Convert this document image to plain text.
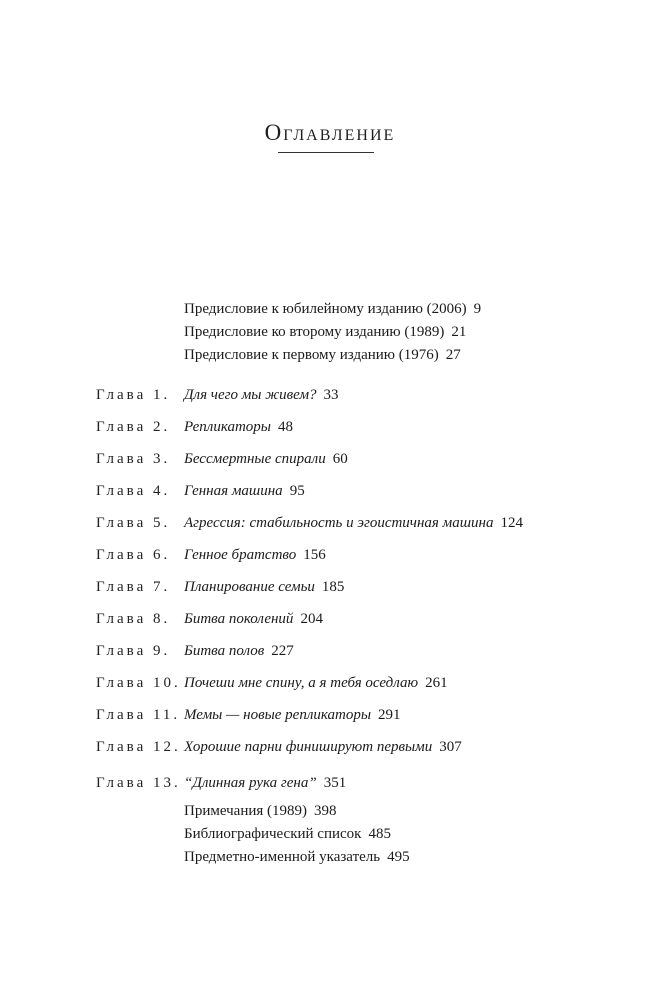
Оглавление
Предисловие к юбилейному изданию (2006) 9
Предисловие ко второму изданию (1989) 21
Предисловие к первому изданию (1976) 27
Глава 1. Для чего мы живем? 33
Глава 2. Репликаторы 48
Глава 3. Бессмертные спирали 60
Глава 4. Генная машина 95
Глава 5. Агрессия: стабильность и эгоистичная машина 124
Глава 6. Генное братство 156
Глава 7. Планирование семьи 185
Глава 8. Битва поколений 204
Глава 9. Битва полов 227
Глава 10. Почеши мне спину, а я тебя оседлаю 261
Глава 11. Мемы — новые репликаторы 291
Глава 12. Хорошие парни финишируют первыми 307
Глава 13. “Длинная рука гена” 351
Примечания (1989) 398
Библиографический список 485
Предметно-именной указатель 495
